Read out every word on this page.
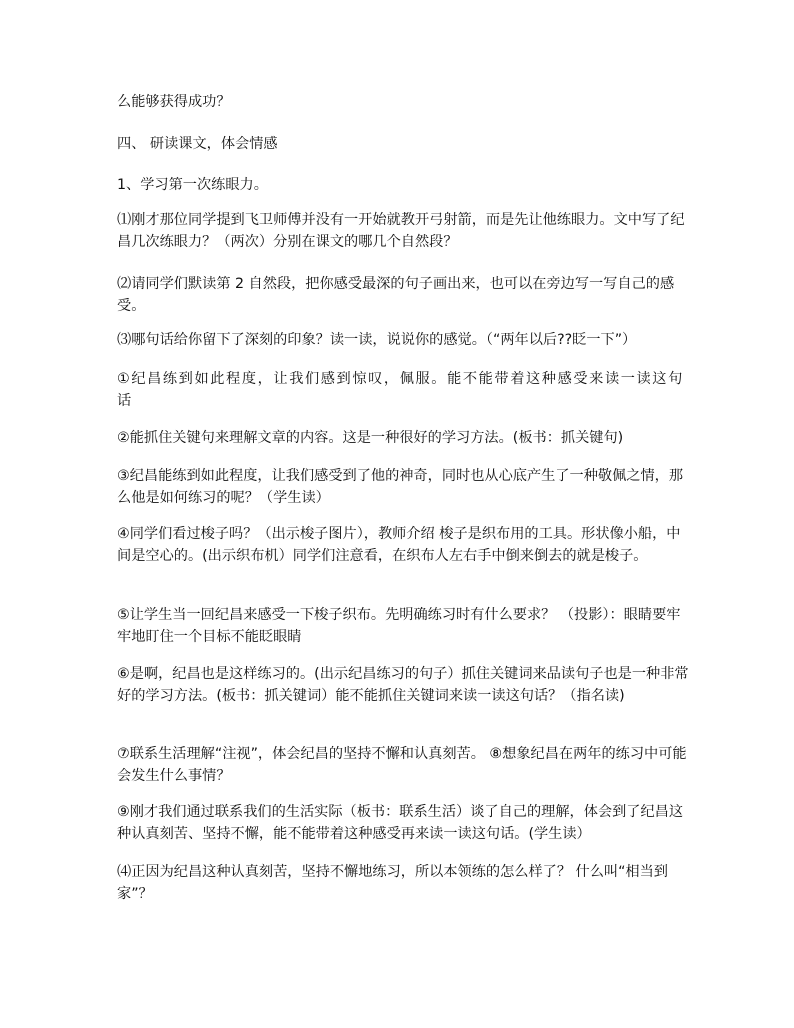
么能够获得成功？

四、 研读课文，体会情感

1、学习第一次练眼力。

⑴刚才那位同学提到飞卫师傅并没有一开始就教开弓射箭，而是先让他练眼力。文中写了纪昌几次练眼力？（两次）分别在课文的哪几个自然段？

⑵请同学们默读第 2 自然段，把你感受最深的句子画出来，也可以在旁边写一写自己的感受。

⑶哪句话给你留下了深刻的印象？读一读，说说你的感觉。（“两年以后??眨一下”）

①纪昌练到如此程度，让我们感到惊叹，佩服。能不能带着这种感受来读一读这句话

②能抓住关键句来理解文章的内容。这是一种很好的学习方法。(板书：抓关键句)

③纪昌能练到如此程度，让我们感受到了他的神奇，同时也从心底产生了一种敬佩之情，那么他是如何练习的呢？（学生读）

④同学们看过梭子吗？（出示梭子图片），教师介绍 梭子是织布用的工具。形状像小船，中间是空心的。(出示织布机）同学们注意看，在织布人左右手中倒来倒去的就是梭子。

⑤让学生当一回纪昌来感受一下梭子织布。先明确练习时有什么要求？ （投影）：眼睛要牢牢地盯住一个目标不能眨眼睛

⑥是啊，纪昌也是这样练习的。(出示纪昌练习的句子）抓住关键词来品读句子也是一种非常好的学习方法。(板书：抓关键词）能不能抓住关键词来读一读这句话？（指名读)

⑦联系生活理解“注视”，体会纪昌的坚持不懈和认真刻苦。 ⑧想象纪昌在两年的练习中可能会发生什么事情？

⑨刚才我们通过联系我们的生活实际（板书：联系生活）谈了自己的理解，体会到了纪昌这种认真刻苦、坚持不懈，能不能带着这种感受再来读一读这句话。(学生读）

⑷正因为纪昌这种认真刻苦，坚持不懈地练习，所以本领练的怎么样了？ 什么叫“相当到家”？
